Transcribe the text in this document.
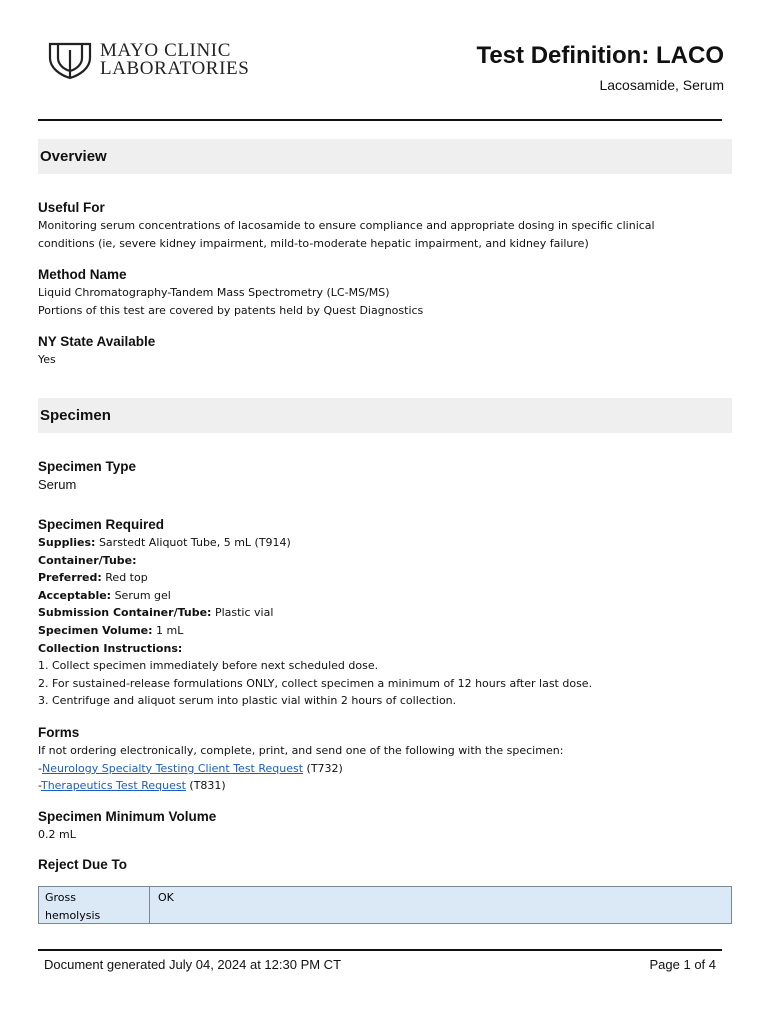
MAYO CLINIC
LABORATORIES	Test Definition: LACO
Lacosamide, Serum
Overview
Useful For

Monitoring serum concentrations of lacosamide to ensure compliance and appropriate dosing in specific clinical

conditions (ie, severe kidney impairment, mild-to-moderate hepatic impairment, and kidney failure)

Method Name

Liquid Chromatography-Tandem Mass Spectrometry (LC-MS/MS)

Portions of this test are covered by patents held by Quest Diagnostics

NY State Available

Yes

Specimen
Specimen Type

Serum

Specimen Required

Supplies: Sarstedt Aliquot Tube, 5 mL (T914)

Container/Tube:

Preferred: Red top

Acceptable: Serum gel

Submission Container/Tube: Plastic vial

Specimen Volume: 1 mL

Collection Instructions:

1. Collect specimen immediately before next scheduled dose.

2. For sustained-release formulations ONLY, collect specimen a minimum of 12 hours after last dose.

3. Centrifuge and aliquot serum into plastic vial within 2 hours of collection.

Forms

If not ordering electronically, complete, print, and send one of the following with the specimen:

-Neurology Specialty Testing Client Test Request (T732)

-Therapeutics Test Request (T831)

Specimen Minimum Volume

0.2 mL

Reject Due To
Gross
hemolysis
OK
Document generated July 04, 2024 at 12:30 PM CT	Page 1 of 4
